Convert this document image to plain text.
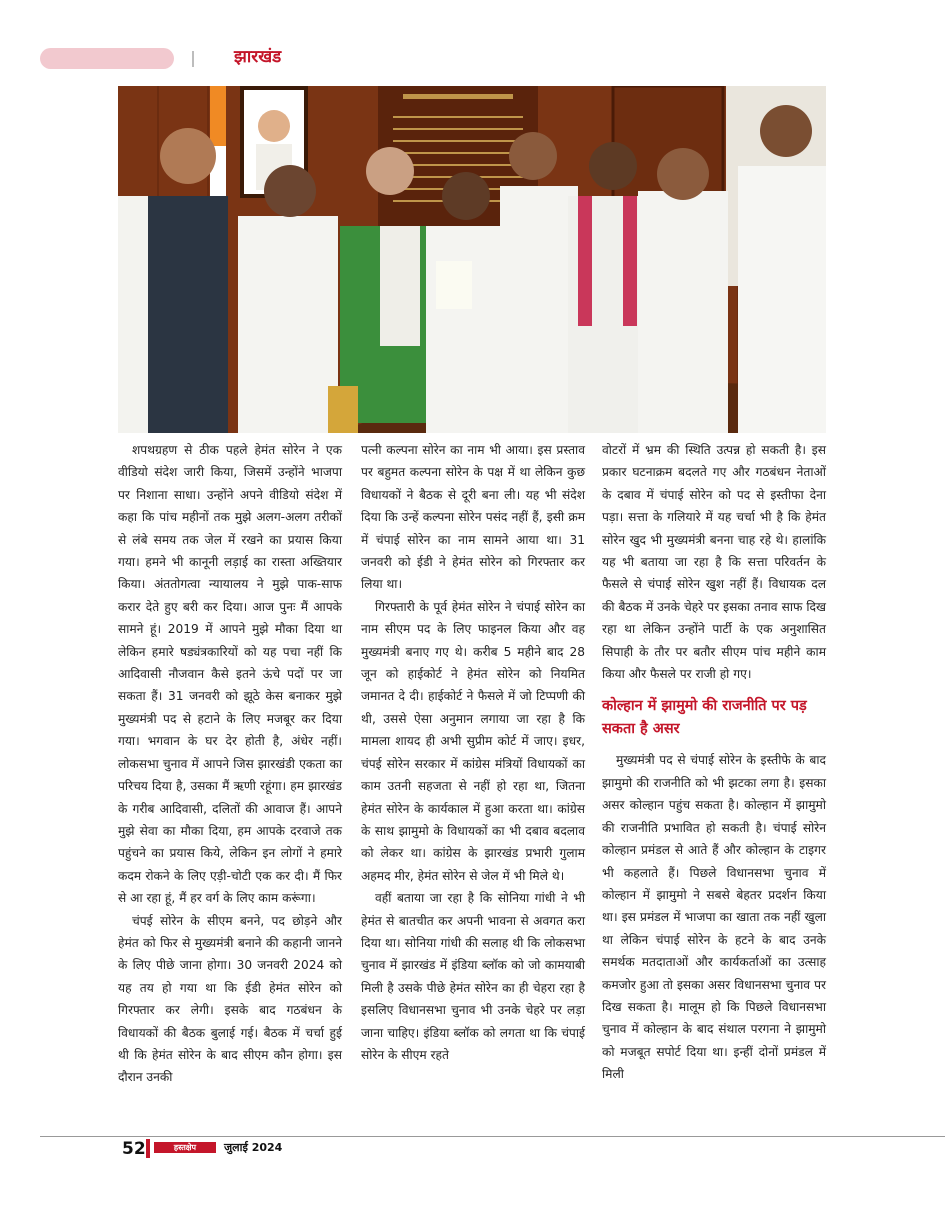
झारखंड

शपथग्रहण से ठीक पहले हेमंत सोरेन ने एक वीडियो संदेश जारी किया, जिसमें उन्होंने भाजपा पर निशाना साधा। उन्होंने अपने वीडियो संदेश में कहा कि पांच महीनों तक मुझे अलग-अलग तरीकों से लंबे समय तक जेल में रखने का प्रयास किया गया। हमने भी कानूनी लड़ाई का रास्ता अख्तियार किया। अंततोगत्वा न्यायालय ने मुझे पाक-साफ करार देते हुए बरी कर दिया। आज पुनः मैं आपके सामने हूं। 2019 में आपने मुझे मौका दिया था लेकिन हमारे षड्यंत्रकारियों को यह पचा नहीं कि आदिवासी नौजवान कैसे इतने ऊंचे पदों पर जा सकता हैं। 31 जनवरी को झूठे केस बनाकर मुझे मुख्यमंत्री पद से हटाने के लिए मजबूर कर दिया गया। भगवान के घर देर होती है, अंधेर नहीं। लोकसभा चुनाव में आपने जिस झारखंडी एकता का परिचय दिया है, उसका मैं ऋणी रहूंगा। हम झारखंड के गरीब आदिवासी, दलितों की आवाज हैं। आपने मुझे सेवा का मौका दिया, हम आपके दरवाजे तक पहुंचने का प्रयास किये, लेकिन इन लोगों ने हमारे कदम रोकने के लिए एड़ी-चोटी एक कर दी। मैं फिर से आ रहा हूं, मैं हर वर्ग के लिए काम करूंगा।

चंपई सोरेन के सीएम बनने, पद छोड़ने और हेमंत को फिर से मुख्यमंत्री बनाने की कहानी जानने के लिए पीछे जाना होगा। 30 जनवरी 2024 को यह तय हो गया था कि ईडी हेमंत सोरेन को गिरफ्तार कर लेगी। इसके बाद गठबंधन के विधायकों की बैठक बुलाई गई। बैठक में चर्चा हुई थी कि हेमंत सोरेन के बाद सीएम कौन होगा। इस दौरान उनकी

पत्नी कल्पना सोरेन का नाम भी आया। इस प्रस्ताव पर बहुमत कल्पना सोरेन के पक्ष में था लेकिन कुछ विधायकों ने बैठक से दूरी बना ली। यह भी संदेश दिया कि उन्हें कल्पना सोरेन पसंद नहीं हैं, इसी क्रम में चंपाई सोरेन का नाम सामने आया था। 31 जनवरी को ईडी ने हेमंत सोरेन को गिरफ्तार कर लिया था।

गिरफ्तारी के पूर्व हेमंत सोरेन ने चंपाई सोरेन का नाम सीएम पद के लिए फाइनल किया और वह मुख्यमंत्री बनाए गए थे। करीब 5 महीने बाद 28 जून को हाईकोर्ट ने हेमंत सोरेन को नियमित जमानत दे दी। हाईकोर्ट ने फैसले में जो टिप्पणी की थी, उससे ऐसा अनुमान लगाया जा रहा है कि मामला शायद ही अभी सुप्रीम कोर्ट में जाए। इधर, चंपई सोरेन सरकार में कांग्रेस मंत्रियों विधायकों का काम उतनी सहजता से नहीं हो रहा था, जितना हेमंत सोरेन के कार्यकाल में हुआ करता था। कांग्रेस के साथ झामुमो के विधायकों का भी दबाव बदलाव को लेकर था। कांग्रेस के झारखंड प्रभारी गुलाम अहमद मीर, हेमंत सोरेन से जेल में भी मिले थे।

वहीं बताया जा रहा है कि सोनिया गांधी ने भी हेमंत से बातचीत कर अपनी भावना से अवगत करा दिया था। सोनिया गांधी की सलाह थी कि लोकसभा चुनाव में झारखंड में इंडिया ब्लॉक को जो कामयाबी मिली है उसके पीछे हेमंत सोरेन का ही चेहरा रहा है इसलिए विधानसभा चुनाव भी उनके चेहरे पर लड़ा जाना चाहिए। इंडिया ब्लॉक को लगता था कि चंपाई सोरेन के सीएम रहते

वोटरों में भ्रम की स्थिति उत्पन्न हो सकती है। इस प्रकार घटनाक्रम बदलते गए और गठबंधन नेताओं के दबाव में चंपाई सोरेन को पद से इस्तीफा देना पड़ा। सत्ता के गलियारे में यह चर्चा भी है कि हेमंत सोरेन खुद भी मुख्यमंत्री बनना चाह रहे थे। हालांकि यह भी बताया जा रहा है कि सत्ता परिवर्तन के फैसले से चंपाई सोरेन खुश नहीं हैं। विधायक दल की बैठक में उनके चेहरे पर इसका तनाव साफ दिख रहा था लेकिन उन्होंने पार्टी के एक अनुशासित सिपाही के तौर पर बतौर सीएम पांच महीने काम किया और फैसले पर राजी हो गए।

कोल्हान में झामुमो की राजनीति पर पड़ सकता है असर

मुख्यमंत्री पद से चंपाई सोरेन के इस्तीफे के बाद झामुमो की राजनीति को भी झटका लगा है। इसका असर कोल्हान पहुंच सकता है। कोल्हान में झामुमो की राजनीति प्रभावित हो सकती है। चंपाई सोरेन कोल्हान प्रमंडल से आते हैं और कोल्हान के टाइगर भी कहलाते हैं। पिछले विधानसभा चुनाव में कोल्हान में झामुमो ने सबसे बेहतर प्रदर्शन किया था। इस प्रमंडल में भाजपा का खाता तक नहीं खुला था लेकिन चंपाई सोरेन के हटने के बाद उनके समर्थक मतदाताओं और कार्यकर्ताओं का उत्साह कमजोर हुआ तो इसका असर विधानसभा चुनाव पर दिख सकता है। मालूम हो कि पिछले विधानसभा चुनाव में कोल्हान के बाद संथाल परगना ने झामुमो को मजबूत सपोर्ट दिया था। इन्हीं दोनों प्रमंडल में मिली

52	हस्तक्षेप	जुलाई 2024
